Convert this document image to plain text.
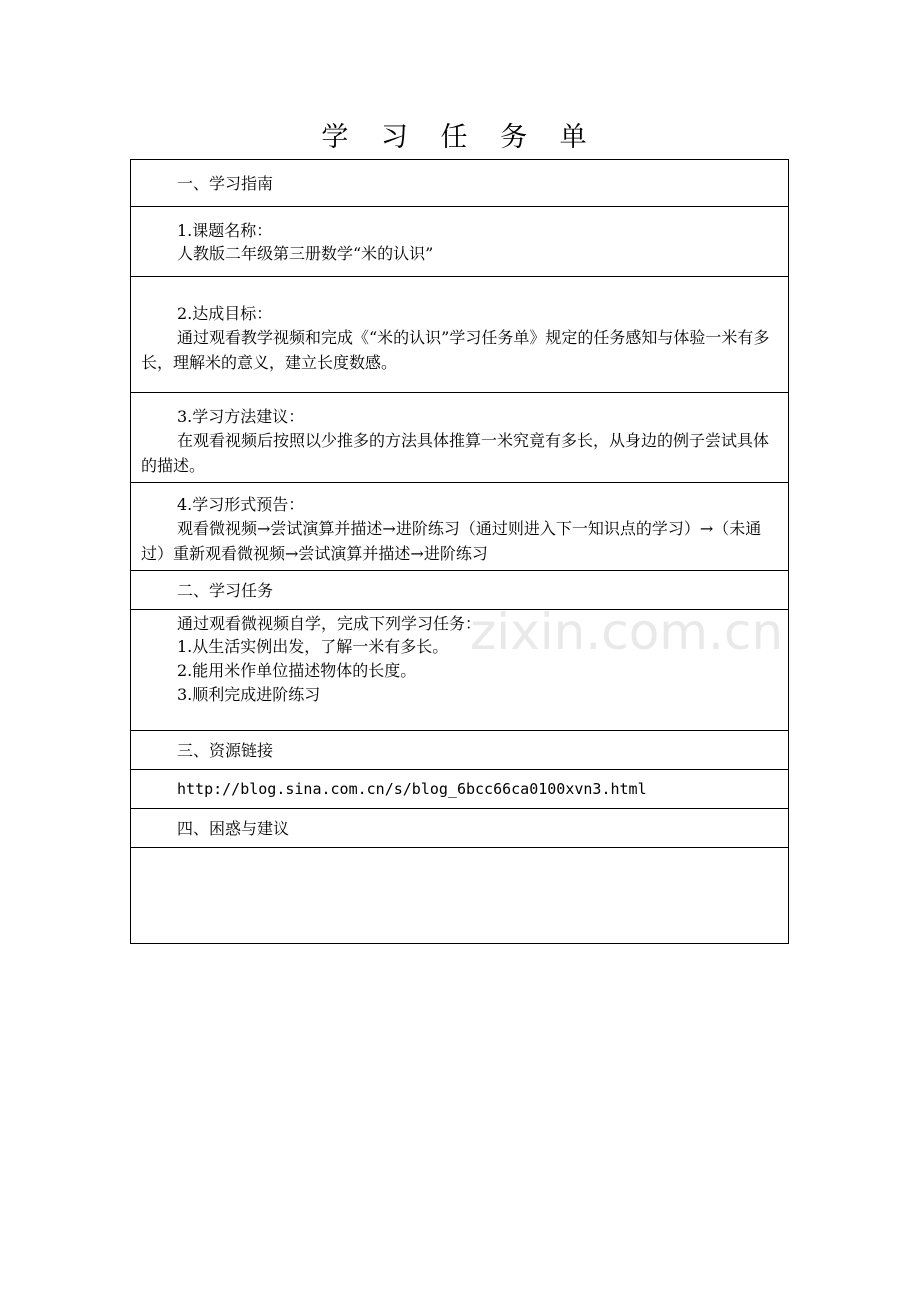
学 习 任 务 单
一、学习指南
1.课题名称：
人教版二年级第三册数学“米的认识”
2.达成目标：
通过观看教学视频和完成《“米的认识”学习任务单》规定的任务感知与体验一米有多长，理解米的意义，建立长度数感。
3.学习方法建议：
在观看视频后按照以少推多的方法具体推算一米究竟有多长，从身边的例子尝试具体的描述。
4.学习形式预告：
观看微视频→尝试演算并描述→进阶练习（通过则进入下一知识点的学习）→（未通过）重新观看微视频→尝试演算并描述→进阶练习
二、学习任务
通过观看微视频自学，完成下列学习任务：
1.从生活实例出发，了解一米有多长。
2.能用米作单位描述物体的长度。
3.顺利完成进阶练习
三、资源链接
http://blog.sina.com.cn/s/blog_6bcc66ca0100xvn3.html
四、困惑与建议
zixin.com.cn
